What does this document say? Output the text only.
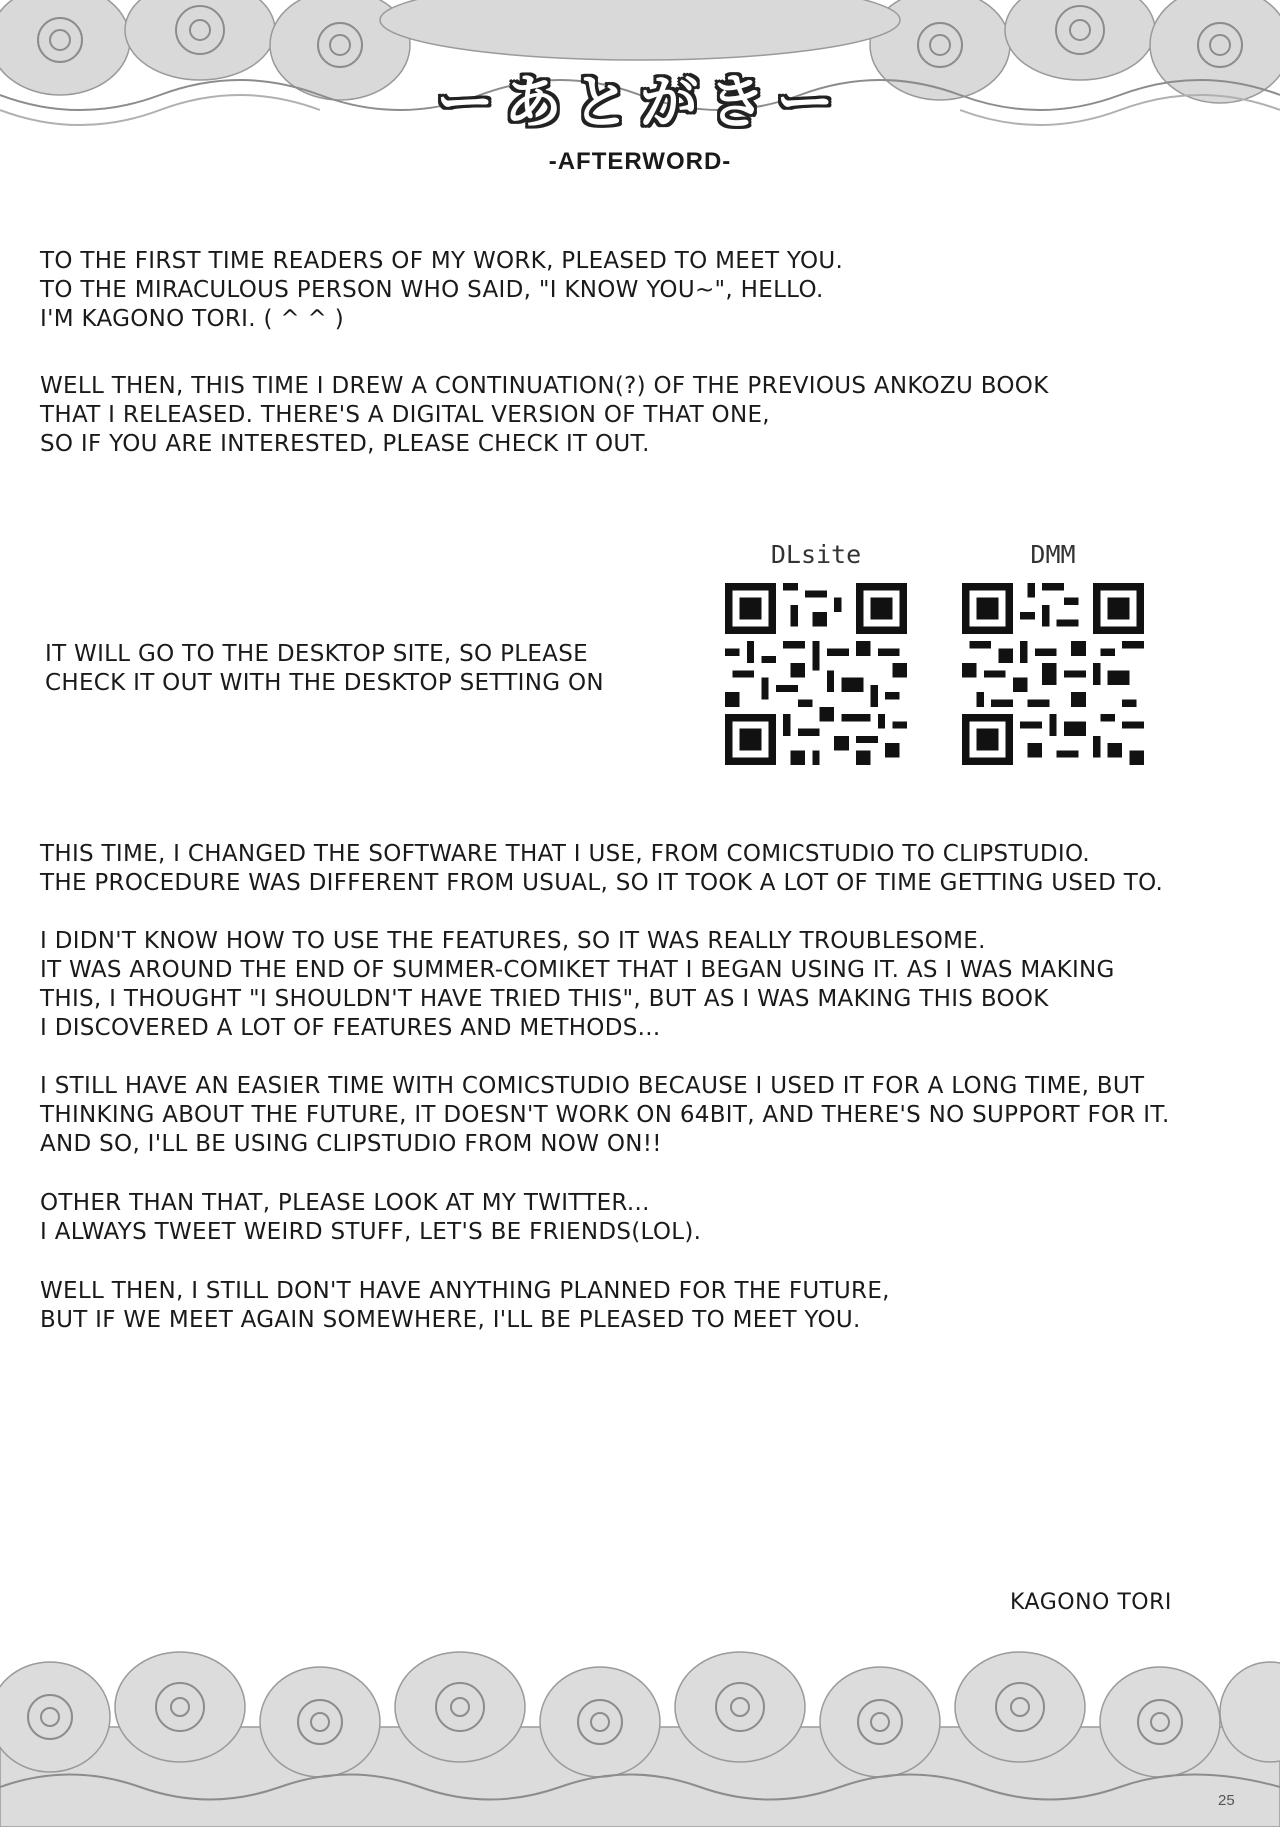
ーあとがきー
-AFTERWORD-

TO THE FIRST TIME READERS OF MY WORK, PLEASED TO MEET YOU.
TO THE MIRACULOUS PERSON WHO SAID, "I KNOW YOU~", HELLO.
I'M KAGONO TORI. ( ^ ^ )

WELL THEN, THIS TIME I DREW A CONTINUATION(?) OF THE PREVIOUS ANKOZU BOOK
THAT I RELEASED. THERE'S A DIGITAL VERSION OF THAT ONE,
SO IF YOU ARE INTERESTED, PLEASE CHECK IT OUT.

IT WILL GO TO THE DESKTOP SITE, SO PLEASE
CHECK IT OUT WITH THE DESKTOP SETTING ON

DLsite	DMM

THIS TIME, I CHANGED THE SOFTWARE THAT I USE, FROM COMICSTUDIO TO CLIPSTUDIO.
THE PROCEDURE WAS DIFFERENT FROM USUAL, SO IT TOOK A LOT OF TIME GETTING USED TO.

I DIDN'T KNOW HOW TO USE THE FEATURES, SO IT WAS REALLY TROUBLESOME.
IT WAS AROUND THE END OF SUMMER-COMIKET THAT I BEGAN USING IT. AS I WAS MAKING
THIS, I THOUGHT "I SHOULDN'T HAVE TRIED THIS", BUT AS I WAS MAKING THIS BOOK
I DISCOVERED A LOT OF FEATURES AND METHODS...

I STILL HAVE AN EASIER TIME WITH COMICSTUDIO BECAUSE I USED IT FOR A LONG TIME, BUT
THINKING ABOUT THE FUTURE, IT DOESN'T WORK ON 64BIT, AND THERE'S NO SUPPORT FOR IT.
AND SO, I'LL BE USING CLIPSTUDIO FROM NOW ON!!

OTHER THAN THAT, PLEASE LOOK AT MY TWITTER...
I ALWAYS TWEET WEIRD STUFF, LET'S BE FRIENDS(LOL).

WELL THEN, I STILL DON'T HAVE ANYTHING PLANNED FOR THE FUTURE,
BUT IF WE MEET AGAIN SOMEWHERE, I'LL BE PLEASED TO MEET YOU.

KAGONO TORI
25
